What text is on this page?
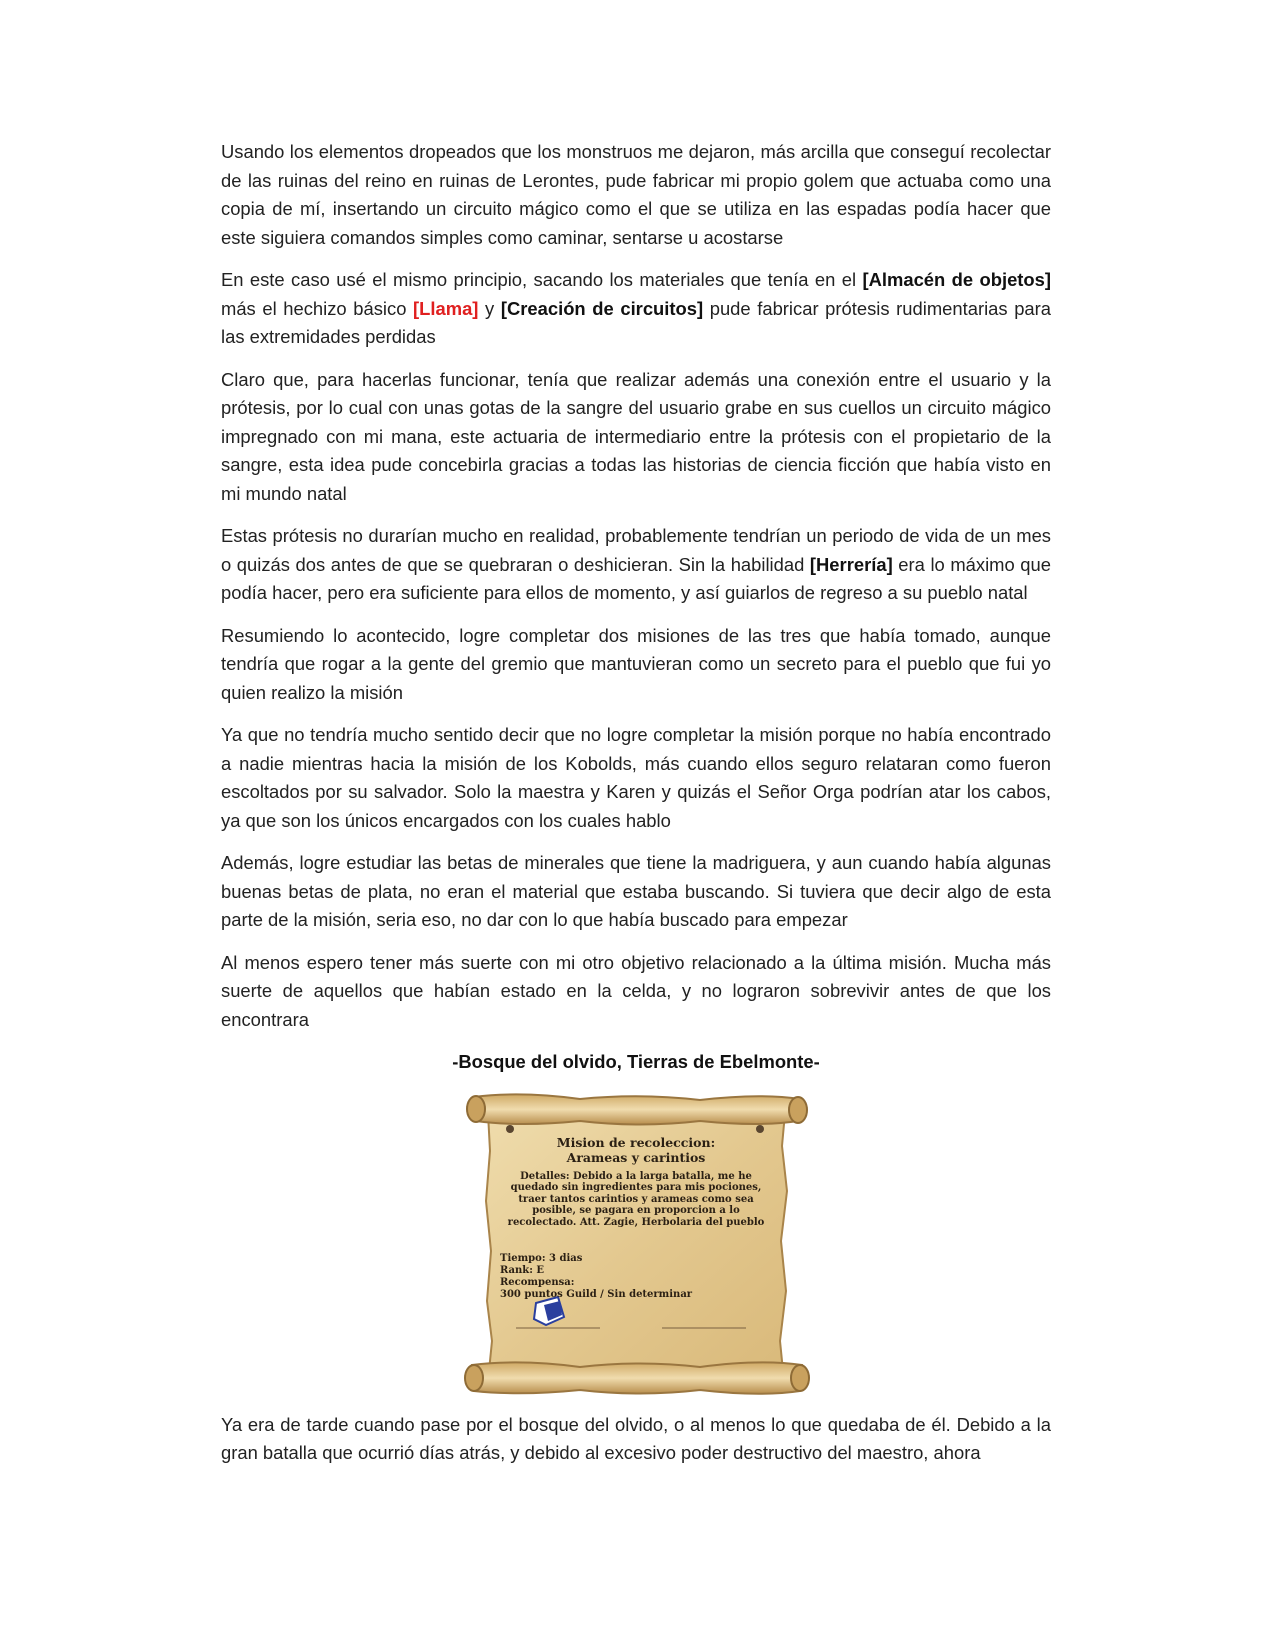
Usando los elementos dropeados que los monstruos me dejaron, más arcilla que conseguí recolectar de las ruinas del reino en ruinas de Lerontes, pude fabricar mi propio golem que actuaba como una copia de mí, insertando un circuito mágico como el que se utiliza en las espadas podía hacer que este siguiera comandos simples como caminar, sentarse u acostarse

En este caso usé el mismo principio, sacando los materiales que tenía en el [Almacén de objetos] más el hechizo básico [Llama] y [Creación de circuitos] pude fabricar prótesis rudimentarias para las extremidades perdidas

Claro que, para hacerlas funcionar, tenía que realizar además una conexión entre el usuario y la prótesis, por lo cual con unas gotas de la sangre del usuario grabe en sus cuellos un circuito mágico impregnado con mi mana, este actuaria de intermediario entre la prótesis con el propietario de la sangre, esta idea pude concebirla gracias a todas las historias de ciencia ficción que había visto en mi mundo natal

Estas prótesis no durarían mucho en realidad, probablemente tendrían un periodo de vida de un mes o quizás dos antes de que se quebraran o deshicieran. Sin la habilidad [Herrería] era lo máximo que podía hacer, pero era suficiente para ellos de momento, y así guiarlos de regreso a su pueblo natal

Resumiendo lo acontecido, logre completar dos misiones de las tres que había tomado, aunque tendría que rogar a la gente del gremio que mantuvieran como un secreto para el pueblo que fui yo quien realizo la misión

Ya que no tendría mucho sentido decir que no logre completar la misión porque no había encontrado a nadie mientras hacia la misión de los Kobolds, más cuando ellos seguro relataran como fueron escoltados por su salvador. Solo la maestra y Karen y quizás el Señor Orga podrían atar los cabos, ya que son los únicos encargados con los cuales hablo

Además, logre estudiar las betas de minerales que tiene la madriguera, y aun cuando había algunas buenas betas de plata, no eran el material que estaba buscando. Si tuviera que decir algo de esta parte de la misión, seria eso, no dar con lo que había buscado para empezar

Al menos espero tener más suerte con mi otro objetivo relacionado a la última misión. Mucha más suerte de aquellos que habían estado en la celda, y no lograron sobrevivir antes de que los encontrara

-Bosque del olvido, Tierras de Ebelmonte-

Mision de recoleccion:
Arameas y carintios
Detalles: Debido a la larga batalla, me he quedado sin ingredientes para mis pociones, traer tantos carintios y arameas como sea posible, se pagara en proporcion a lo recolectado. Att. Zagie, Herbolaria del pueblo
Tiempo: 3 dias
Rank: E
Recompensa:
300 puntos Guild / Sin determinar

Ya era de tarde cuando pase por el bosque del olvido, o al menos lo que quedaba de él. Debido a la gran batalla que ocurrió días atrás, y debido al excesivo poder destructivo del maestro, ahora
